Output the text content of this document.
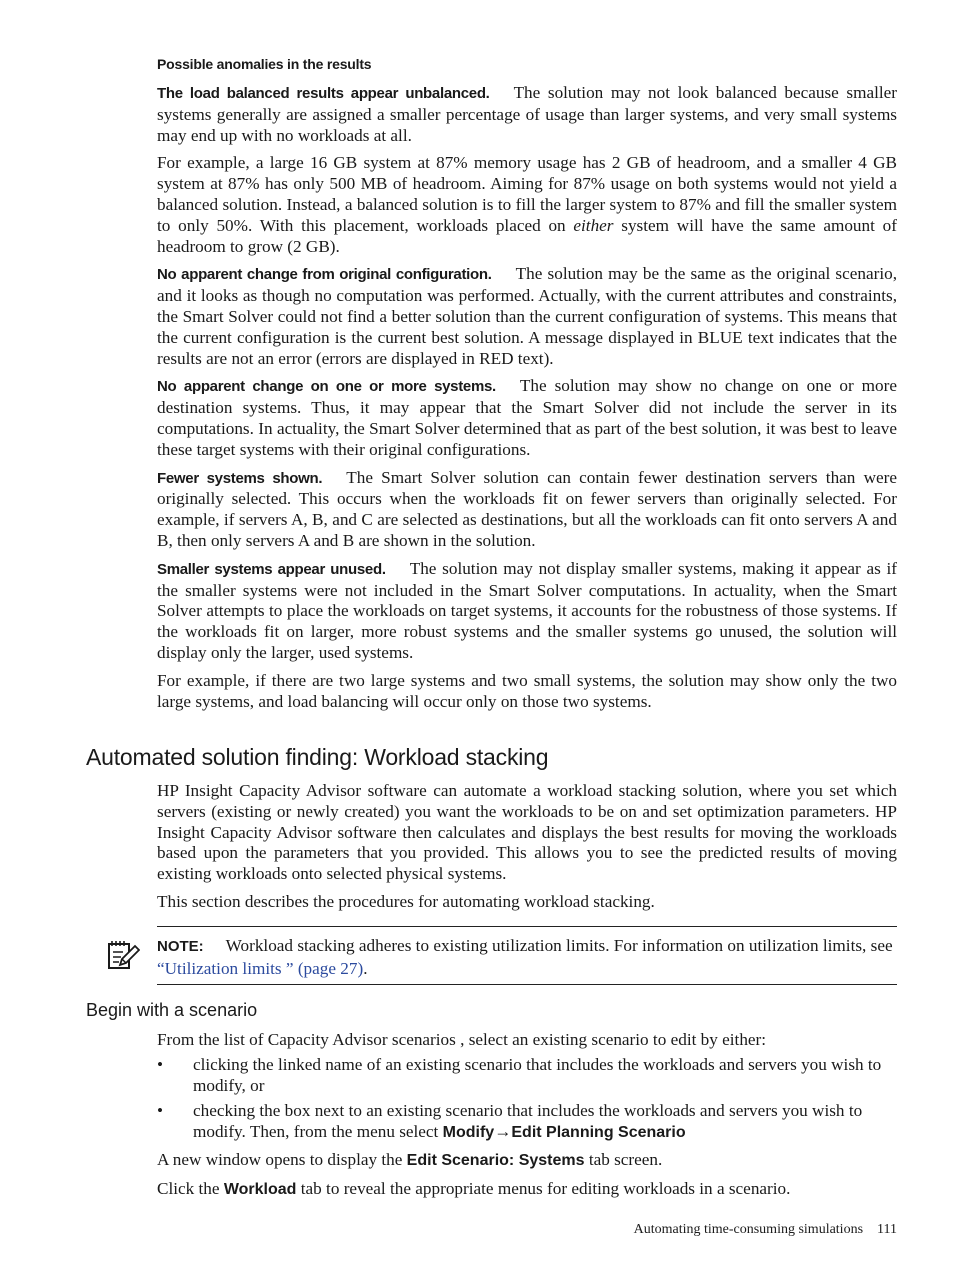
Possible anomalies in the results

The load balanced results appear unbalanced. The solution may not look balanced because smaller systems generally are assigned a smaller percentage of usage than larger systems, and very small systems may end up with no workloads at all.

For example, a large 16 GB system at 87% memory usage has 2 GB of headroom, and a smaller 4 GB system at 87% has only 500 MB of headroom. Aiming for 87% usage on both systems would not yield a balanced solution. Instead, a balanced solution is to fill the larger system to 87% and fill the smaller system to only 50%. With this placement, workloads placed on either system will have the same amount of headroom to grow (2 GB).

No apparent change from original configuration. The solution may be the same as the original scenario, and it looks as though no computation was performed. Actually, with the current attributes and constraints, the Smart Solver could not find a better solution than the current configuration of systems. This means that the current configuration is the current best solution. A message displayed in BLUE text indicates that the results are not an error (errors are displayed in RED text).

No apparent change on one or more systems. The solution may show no change on one or more destination systems. Thus, it may appear that the Smart Solver did not include the server in its computations. In actuality, the Smart Solver determined that as part of the best solution, it was best to leave these target systems with their original configurations.

Fewer systems shown. The Smart Solver solution can contain fewer destination servers than were originally selected. This occurs when the workloads fit on fewer servers than originally selected. For example, if servers A, B, and C are selected as destinations, but all the workloads can fit onto servers A and B, then only servers A and B are shown in the solution.

Smaller systems appear unused. The solution may not display smaller systems, making it appear as if the smaller systems were not included in the Smart Solver computations. In actuality, when the Smart Solver attempts to place the workloads on target systems, it accounts for the robustness of those systems. If the workloads fit on larger, more robust systems and the smaller systems go unused, the solution will display only the larger, used systems.

For example, if there are two large systems and two small systems, the solution may show only the two large systems, and load balancing will occur only on those two systems.

Automated solution finding: Workload stacking

HP Insight Capacity Advisor software can automate a workload stacking solution, where you set which servers (existing or newly created) you want the workloads to be on and set optimization parameters. HP Insight Capacity Advisor software then calculates and displays the best results for moving the workloads based upon the parameters that you provided. This allows you to see the predicted results of moving existing workloads onto selected physical systems.

This section describes the procedures for automating workload stacking.

NOTE: Workload stacking adheres to existing utilization limits. For information on utilization limits, see “Utilization limits ” (page 27).
Begin with a scenario

From the list of Capacity Advisor scenarios , select an existing scenario to edit by either:

• clicking the linked name of an existing scenario that includes the workloads and servers you wish to modify, or
• checking the box next to an existing scenario that includes the workloads and servers you wish to modify. Then, from the menu select Modify→Edit Planning Scenario

A new window opens to display the Edit Scenario: Systems tab screen.

Click the Workload tab to reveal the appropriate menus for editing workloads in a scenario.

Automating time-consuming simulations 111
